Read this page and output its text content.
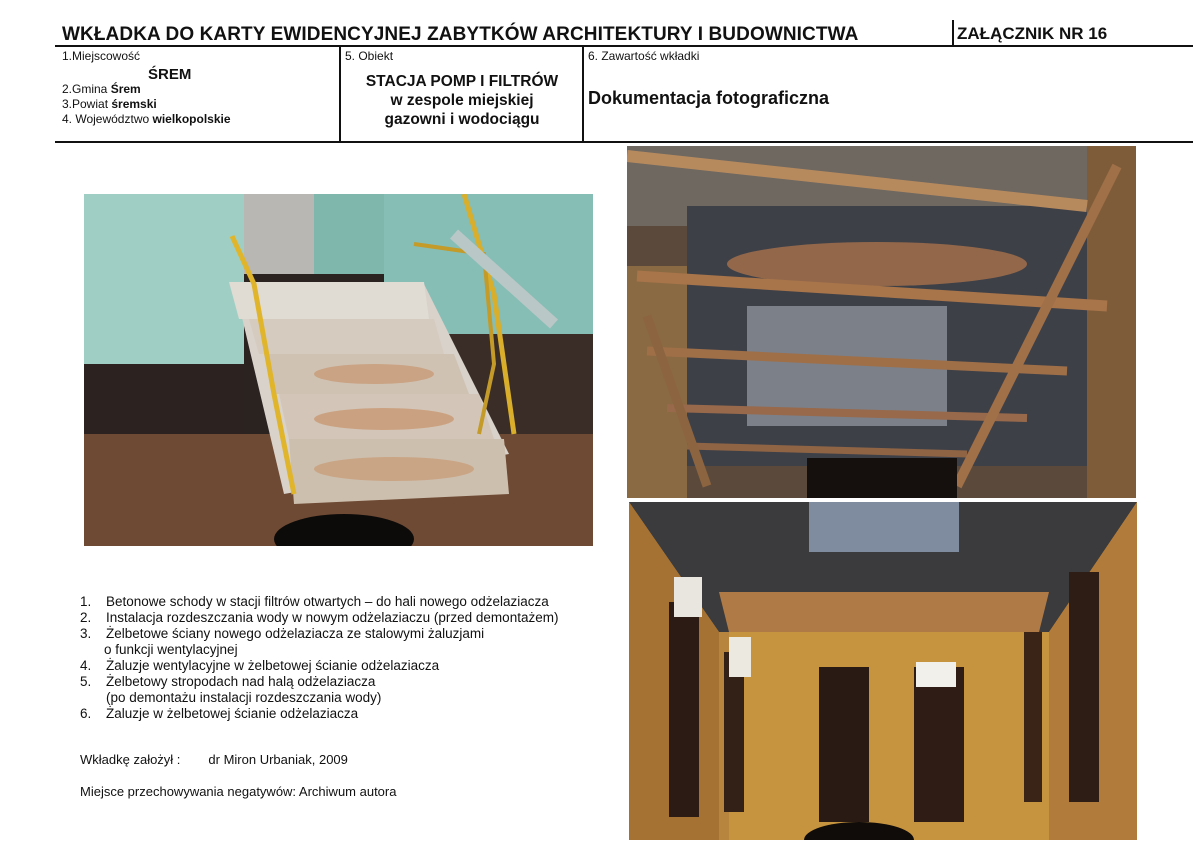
WKŁADKA DO KARTY EWIDENCYJNEJ ZABYTKÓW ARCHITEKTURY I BUDOWNICTWA	ZAŁĄCZNIK NR 16
1.Miejscowość
ŚREM
2.Gmina Śrem
3.Powiat śremski
4. Województwo wielkopolskie
5. Obiekt
STACJA POMP I FILTRÓW
w zespole miejskiej
gazowni i wodociągu
6. Zawartość wkładki
Dokumentacja fotograficzna
1. Betonowe schody w stacji filtrów otwartych – do hali nowego odżelaziacza
2. Instalacja rozdeszczania wody w nowym odżelaziaczu (przed demontażem)
3. Żelbetowe ściany nowego odżelaziacza ze stalowymi żaluzjami
o funkcji wentylacyjnej
4. Żaluzje wentylacyjne w żelbetowej ścianie odżelaziacza
5. Żelbetowy stropodach nad halą odżelaziacza
(po demontażu instalacji rozdeszczania wody)
6. Żaluzje w żelbetowej ścianie odżelaziacza
Wkładkę założył : dr Miron Urbaniak, 2009
Miejsce przechowywania negatywów: Archiwum autora
